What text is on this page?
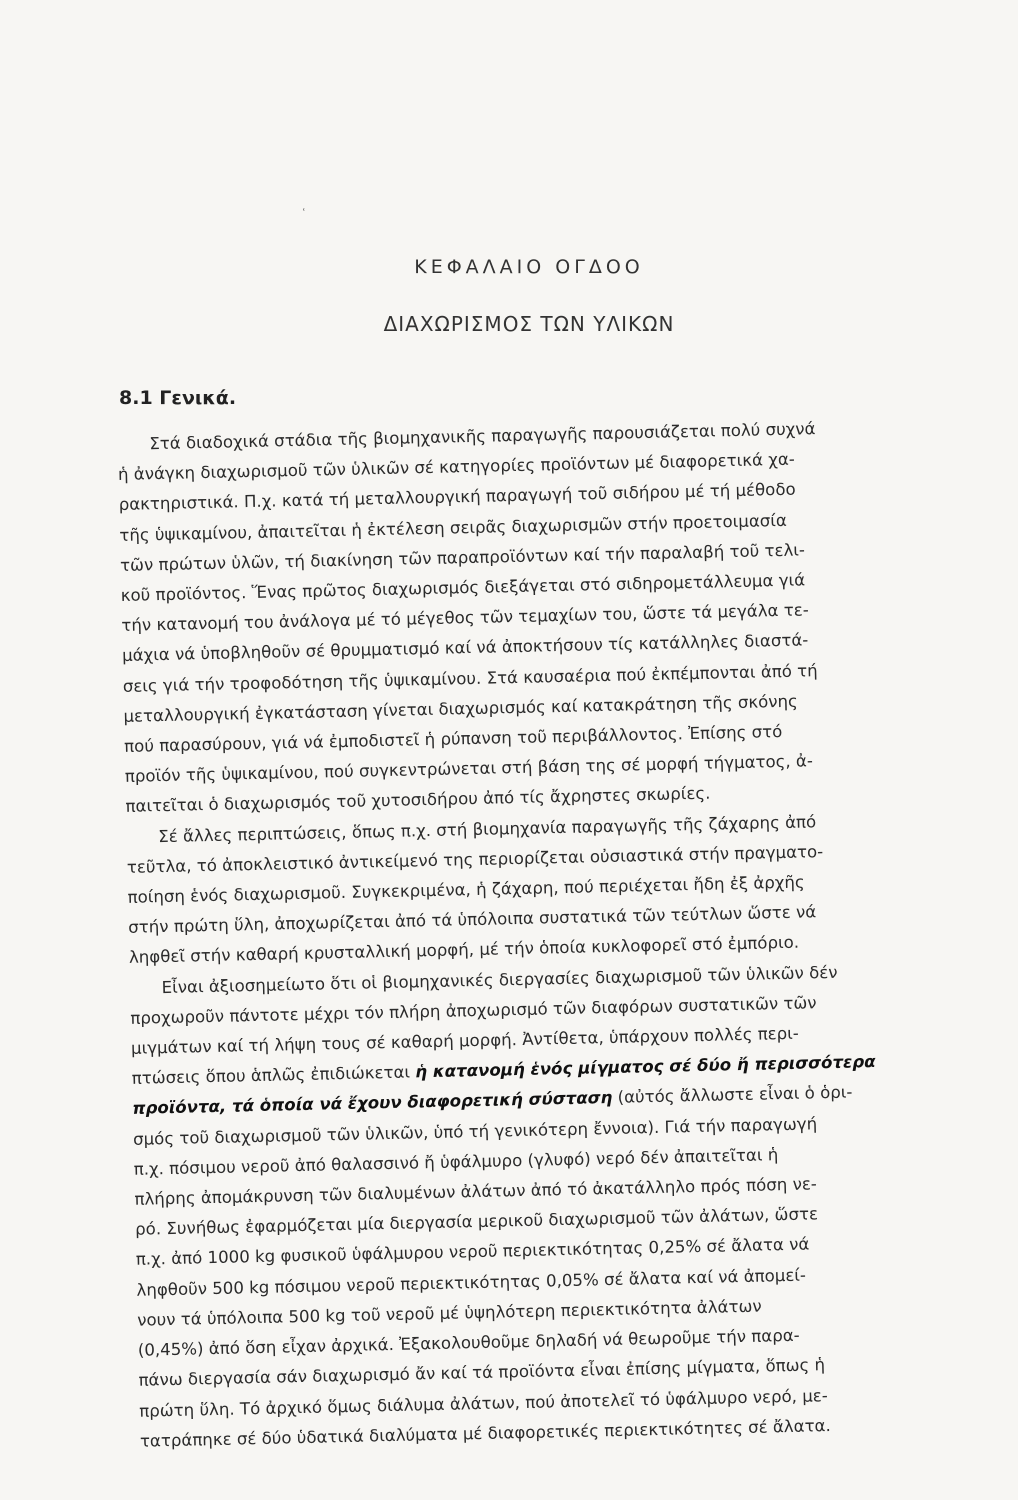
ͅ
ΚΕΦΑΛΑΙΟ ΟΓΔΟΟ
ΔΙΑΧΩΡΙΣΜΟΣ ΤΩΝ ΥΛΙΚΩΝ
8.1 Γενικά.
Στά διαδοχικά στάδια τῆς βιομηχανικῆς παραγωγῆς παρουσιάζεται πολύ συχνά
ἡ ἀνάγκη διαχωρισμοῦ τῶν ὑλικῶν σέ κατηγορίες προϊόντων μέ διαφορετικά χα-
ρακτηριστικά. Π.χ. κατά τή μεταλλουργική παραγωγή τοῦ σιδήρου μέ τή μέθοδο
τῆς ὑψικαμίνου, ἀπαιτεῖται ἡ ἐκτέλεση σειρᾶς διαχωρισμῶν στήν προετοιμασία
τῶν πρώτων ὑλῶν, τή διακίνηση τῶν παραπροϊόντων καί τήν παραλαβή τοῦ τελι-
κοῦ προϊόντος. Ἕνας πρῶτος διαχωρισμός διεξάγεται στό σιδηρομετάλλευμα γιά
τήν κατανομή του ἀνάλογα μέ τό μέγεθος τῶν τεμαχίων του, ὥστε τά μεγάλα τε-
μάχια νά ὑποβληθοῦν σέ θρυμματισμό καί νά ἀποκτήσουν τίς κατάλληλες διαστά-
σεις γιά τήν τροφοδότηση τῆς ὑψικαμίνου. Στά καυσαέρια πού ἐκπέμπονται ἀπό τή
μεταλλουργική ἐγκατάσταση γίνεται διαχωρισμός καί κατακράτηση τῆς σκόνης
πού παρασύρουν, γιά νά ἐμποδιστεῖ ἡ ρύπανση τοῦ περιβάλλοντος. Ἐπίσης στό
προϊόν τῆς ὑψικαμίνου, πού συγκεντρώνεται στή βάση της σέ μορφή τήγματος, ἀ-
παιτεῖται ὁ διαχωρισμός τοῦ χυτοσιδήρου ἀπό τίς ἄχρηστες σκωρίες.
Σέ ἄλλες περιπτώσεις, ὅπως π.χ. στή βιομηχανία παραγωγῆς τῆς ζάχαρης ἀπό
τεῦτλα, τό ἀποκλειστικό ἀντικείμενό της περιορίζεται οὐσιαστικά στήν πραγματο-
ποίηση ἑνός διαχωρισμοῦ. Συγκεκριμένα, ἡ ζάχαρη, πού περιέχεται ἤδη ἐξ ἀρχῆς
στήν πρώτη ὕλη, ἀποχωρίζεται ἀπό τά ὑπόλοιπα συστατικά τῶν τεύτλων ὥστε νά
ληφθεῖ στήν καθαρή κρυσταλλική μορφή, μέ τήν ὁποία κυκλοφορεῖ στό ἐμπόριο.
Εἶναι ἀξιοσημείωτο ὅτι οἱ βιομηχανικές διεργασίες διαχωρισμοῦ τῶν ὑλικῶν δέν
προχωροῦν πάντοτε μέχρι τόν πλήρη ἀποχωρισμό τῶν διαφόρων συστατικῶν τῶν
μιγμάτων καί τή λήψη τους σέ καθαρή μορφή. Ἀντίθετα, ὑπάρχουν πολλές περι-
πτώσεις ὅπου ἁπλῶς ἐπιδιώκεται ἡ κατανομή ἑνός μίγματος σέ δύο ἤ περισσότερα
προϊόντα, τά ὁποία νά ἔχουν διαφορετική σύσταση (αὐτός ἄλλωστε εἶναι ὁ ὁρι-
σμός τοῦ διαχωρισμοῦ τῶν ὑλικῶν, ὑπό τή γενικότερη ἔννοια). Γιά τήν παραγωγή
π.χ. πόσιμου νεροῦ ἀπό θαλασσινό ἤ ὑφάλμυρο (γλυφό) νερό δέν ἀπαιτεῖται ἡ
πλήρης ἀπομάκρυνση τῶν διαλυμένων ἀλάτων ἀπό τό ἀκατάλληλο πρός πόση νε-
ρό. Συνήθως ἐφαρμόζεται μία διεργασία μερικοῦ διαχωρισμοῦ τῶν ἀλάτων, ὥστε
π.χ. ἀπό 1000 kg φυσικοῦ ὑφάλμυρου νεροῦ περιεκτικότητας 0,25% σέ ἄλατα νά
ληφθοῦν 500 kg πόσιμου νεροῦ περιεκτικότητας 0,05% σέ ἄλατα καί νά ἀπομεί-
νουν τά ὑπόλοιπα 500 kg τοῦ νεροῦ μέ ὑψηλότερη περιεκτικότητα ἀλάτων
(0,45%) ἀπό ὅση εἶχαν ἀρχικά. Ἐξακολουθοῦμε δηλαδή νά θεωροῦμε τήν παρα-
πάνω διεργασία σάν διαχωρισμό ἄν καί τά προϊόντα εἶναι ἐπίσης μίγματα, ὅπως ἡ
πρώτη ὕλη. Τό ἀρχικό ὅμως διάλυμα ἀλάτων, πού ἀποτελεῖ τό ὑφάλμυρο νερό, με-
τατράπηκε σέ δύο ὑδατικά διαλύματα μέ διαφορετικές περιεκτικότητες σέ ἄλατα.
